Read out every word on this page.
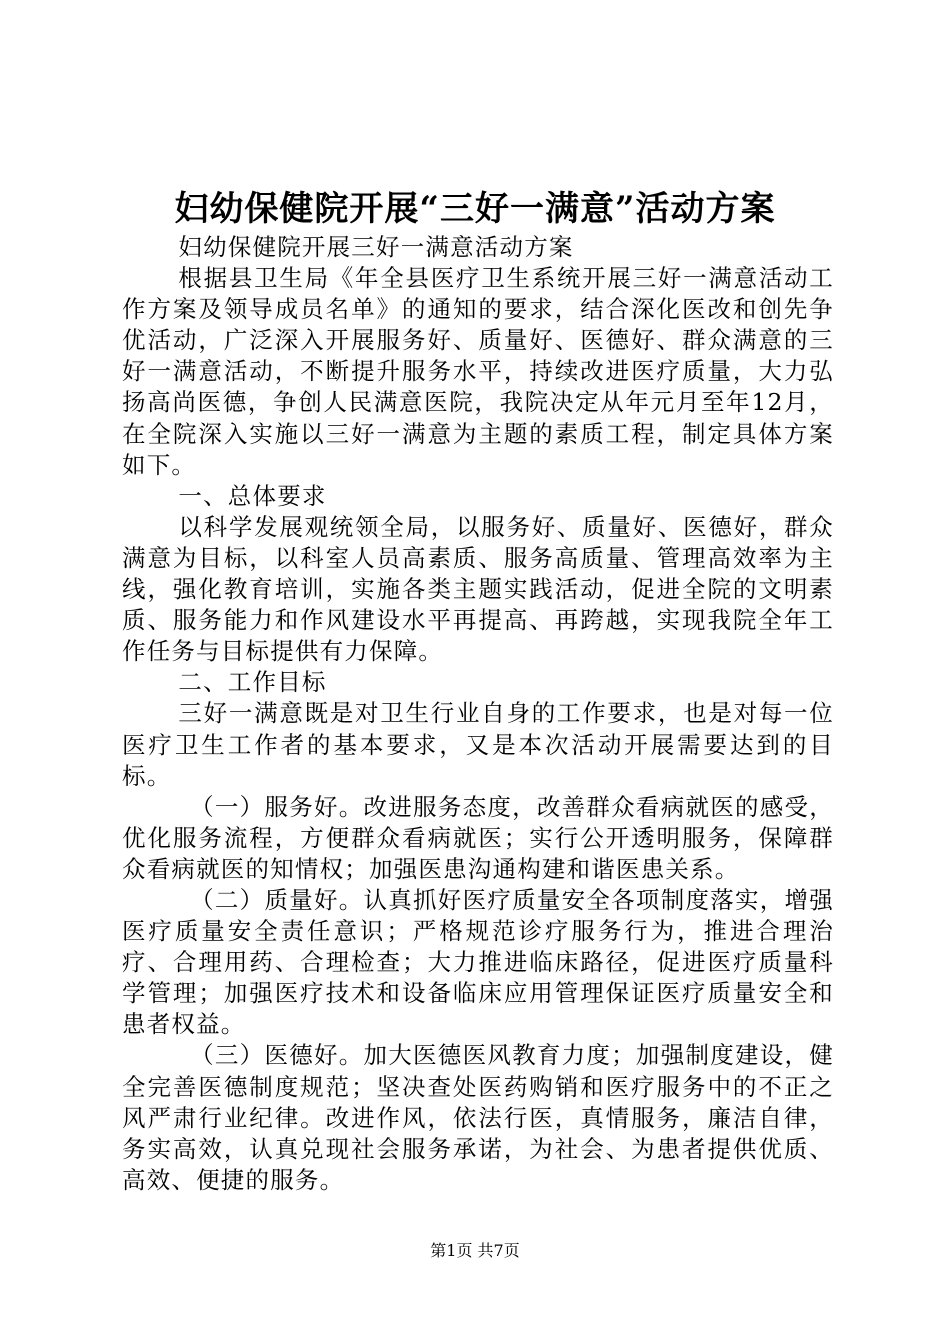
妇幼保健院开展“三好一满意”活动方案

妇幼保健院开展三好一满意活动方案

根据县卫生局《年全县医疗卫生系统开展三好一满意活动工作方案及领导成员名单》的通知的要求，结合深化医改和创先争优活动，广泛深入开展服务好、质量好、医德好、群众满意的三好一满意活动，不断提升服务水平，持续改进医疗质量，大力弘扬高尚医德，争创人民满意医院，我院决定从年元月至年12月，在全院深入实施以三好一满意为主题的素质工程，制定具体方案如下。

一、总体要求

以科学发展观统领全局，以服务好、质量好、医德好，群众满意为目标，以科室人员高素质、服务高质量、管理高效率为主线，强化教育培训，实施各类主题实践活动，促进全院的文明素质、服务能力和作风建设水平再提高、再跨越，实现我院全年工作任务与目标提供有力保障。

二、工作目标

三好一满意既是对卫生行业自身的工作要求，也是对每一位医疗卫生工作者的基本要求，又是本次活动开展需要达到的目标。

（一）服务好。改进服务态度，改善群众看病就医的感受，优化服务流程，方便群众看病就医；实行公开透明服务，保障群众看病就医的知情权；加强医患沟通构建和谐医患关系。

（二）质量好。认真抓好医疗质量安全各项制度落实，增强医疗质量安全责任意识；严格规范诊疗服务行为，推进合理治疗、合理用药、合理检查；大力推进临床路径，促进医疗质量科学管理；加强医疗技术和设备临床应用管理保证医疗质量安全和患者权益。

（三）医德好。加大医德医风教育力度；加强制度建设，健全完善医德制度规范；坚决查处医药购销和医疗服务中的不正之风严肃行业纪律。改进作风，依法行医，真情服务，廉洁自律，务实高效，认真兑现社会服务承诺，为社会、为患者提供优质、高效、便捷的服务。

第1页 共7页
